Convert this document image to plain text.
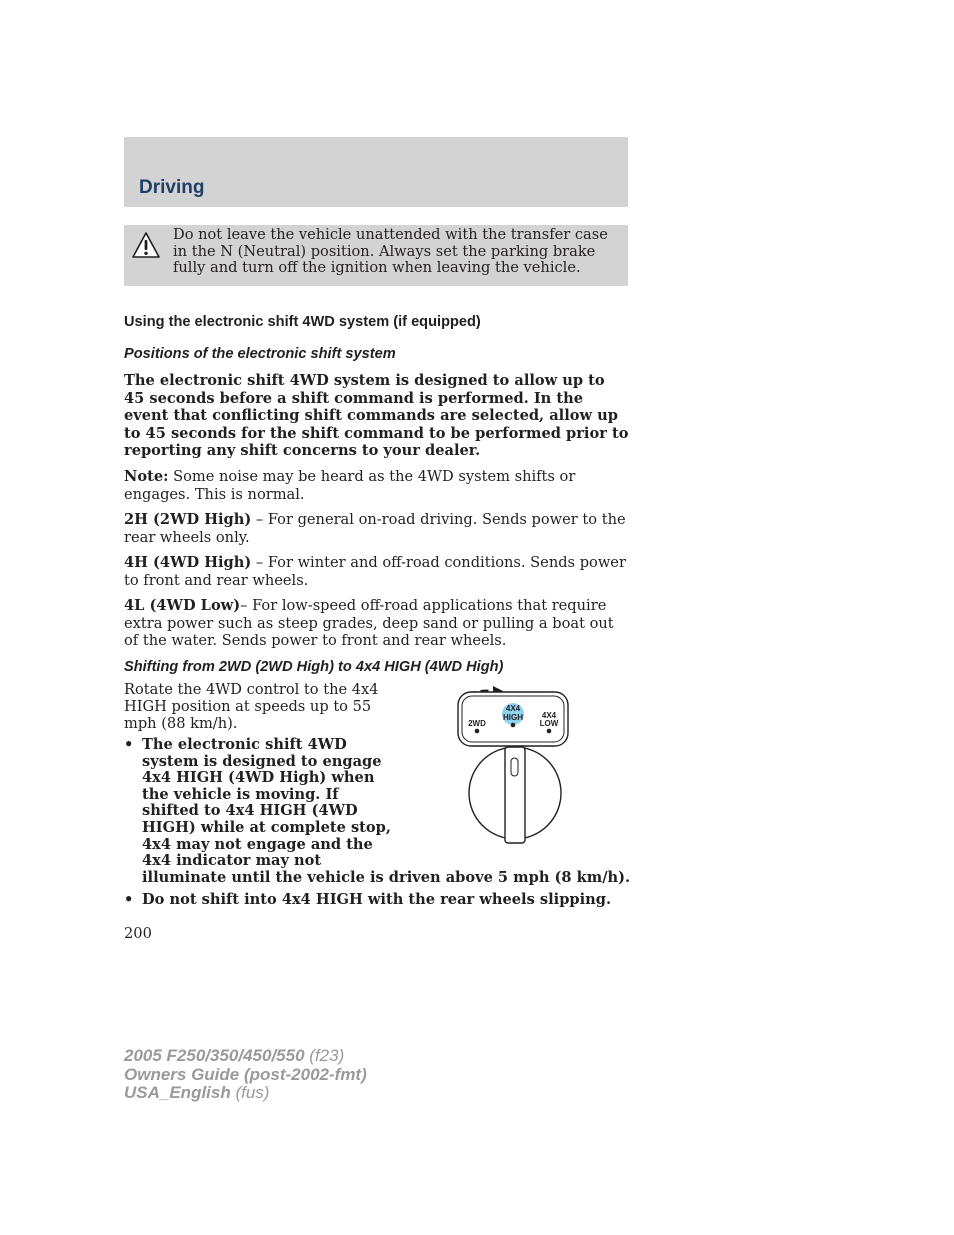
Driving

Do not leave the vehicle unattended with the transfer case in the N (Neutral) position. Always set the parking brake fully and turn off the ignition when leaving the vehicle.

Using the electronic shift 4WD system (if equipped)
Positions of the electronic shift system

The electronic shift 4WD system is designed to allow up to 45 seconds before a shift command is performed. In the event that conflicting shift commands are selected, allow up to 45 seconds for the shift command to be performed prior to reporting any shift concerns to your dealer.

Note: Some noise may be heard as the 4WD system shifts or engages. This is normal.

2H (2WD High) – For general on-road driving. Sends power to the rear wheels only.

4H (4WD High) – For winter and off-road conditions. Sends power to front and rear wheels.

4L (4WD Low)– For low-speed off-road applications that require extra power such as steep grades, deep sand or pulling a boat out of the water. Sends power to front and rear wheels.

Shifting from 2WD (2WD High) to 4x4 HIGH (4WD High)

Rotate the 4WD control to the 4x4 HIGH position at speeds up to 55 mph (88 km/h).

• The electronic shift 4WD
system is designed to engage
4x4 HIGH (4WD High) when
the vehicle is moving. If
shifted to 4x4 HIGH (4WD
HIGH) while at complete stop,
4x4 may not engage and the
4x4 indicator may not
illuminate until the vehicle is driven above 5 mph (8 km/h).
• Do not shift into 4x4 HIGH with the rear wheels slipping.
2WD
4X4
HIGH 4X4
LOW

200

2005 F250/350/450/550 (f23)
Owners Guide (post-2002-fmt)
USA_English (fus)
